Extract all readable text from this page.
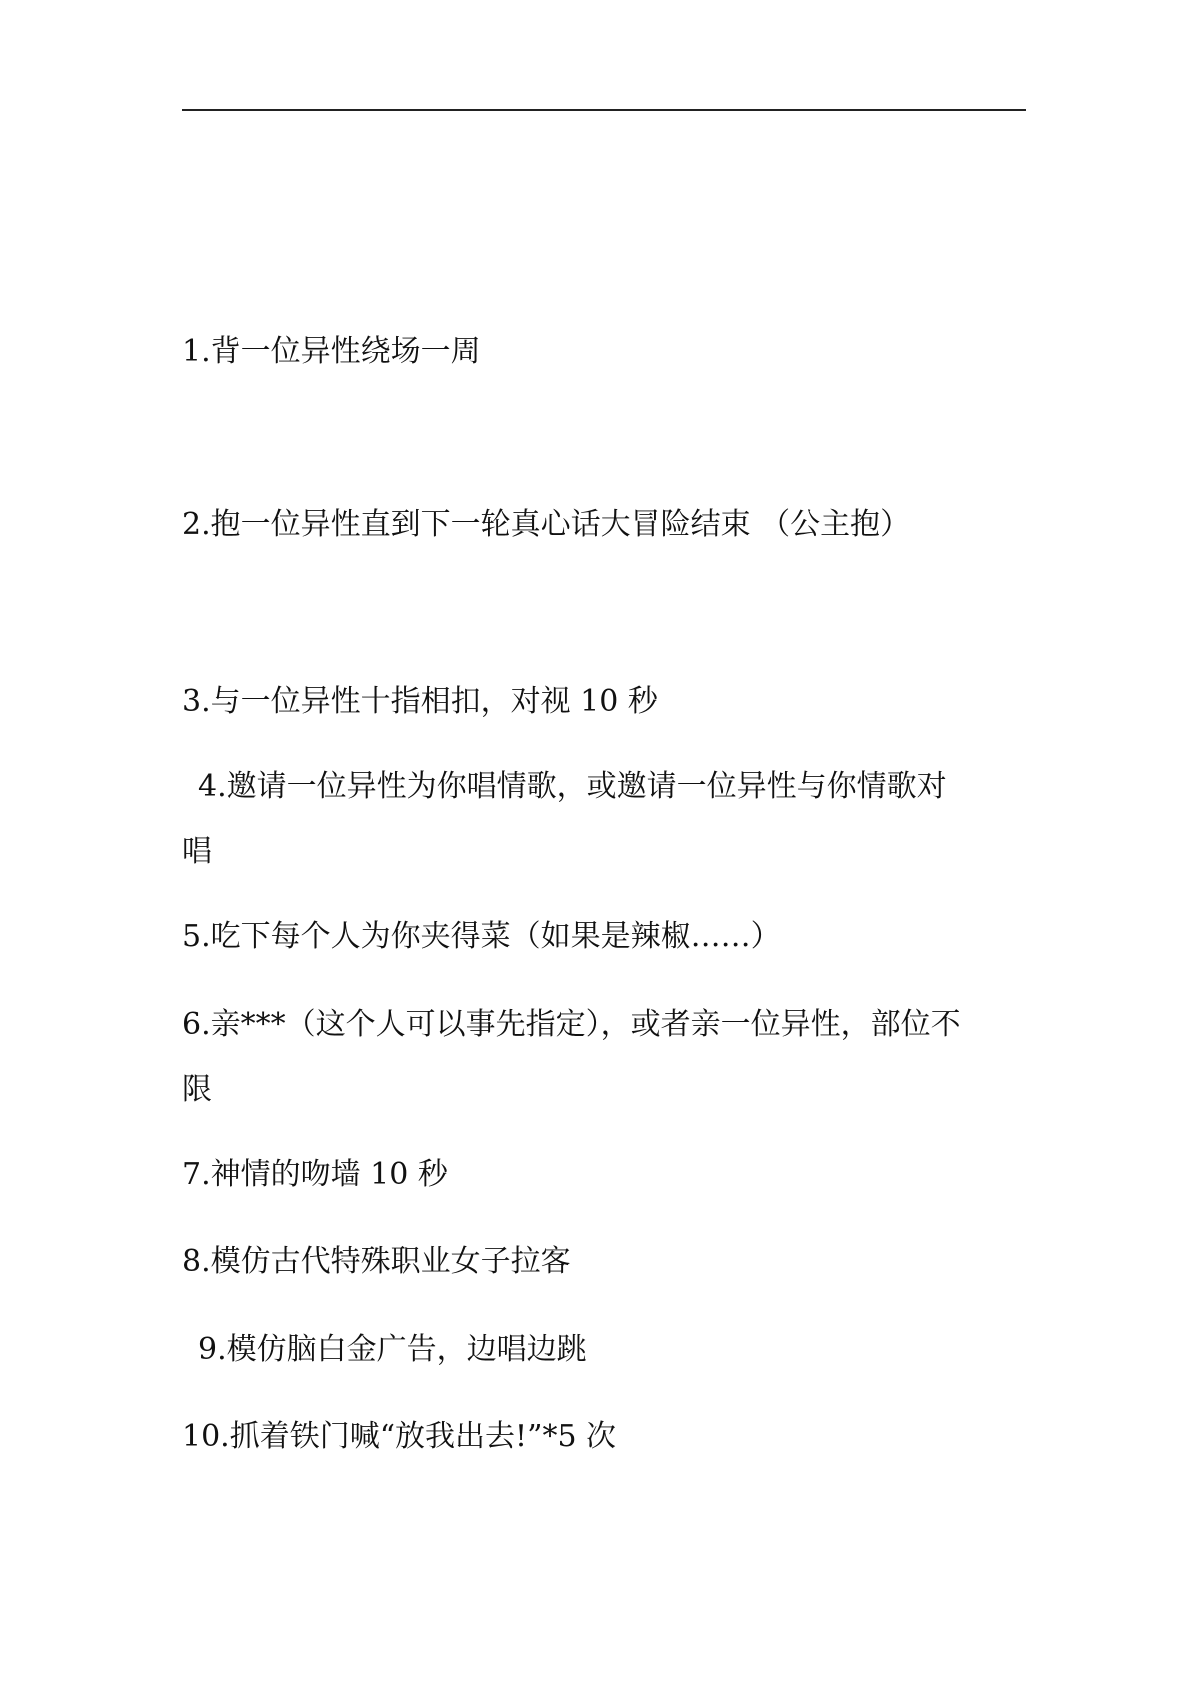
1.背一位异性绕场一周
2.抱一位异性直到下一轮真心话大冒险结束 （公主抱）
3.与一位异性十指相扣，对视 10 秒
4.邀请一位异性为你唱情歌，或邀请一位异性与你情歌对
唱
5.吃下每个人为你夹得菜（如果是辣椒……）
6.亲***（这个人可以事先指定），或者亲一位异性，部位不
限
7.神情的吻墙 10 秒
8.模仿古代特殊职业女子拉客
9.模仿脑白金广告，边唱边跳
10.抓着铁门喊“放我出去!”*5 次
